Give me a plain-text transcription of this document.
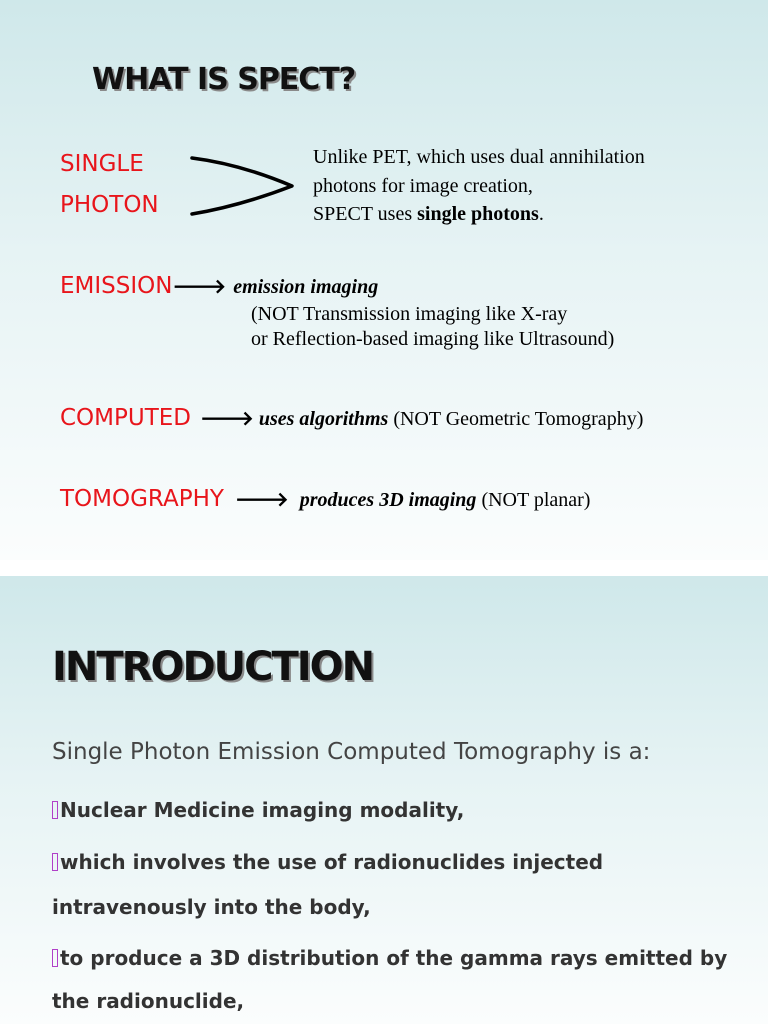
WHAT IS SPECT?
SINGLE
PHOTON
Unlike PET, which uses dual annihilation
photons for image creation,
SPECT uses single photons.
EMISSION🡒 emission imaging
(NOT Transmission imaging like X-ray
or Reflection-based imaging like Ultrasound)
COMPUTED 🡒 uses algorithms (NOT Geometric Tomography)
TOMOGRAPHY 🡒 produces 3D imaging (NOT planar)
INTRODUCTION
Single Photon Emission Computed Tomography is a:
Nuclear Medicine imaging modality,
which involves the use of radionuclides injected
intravenously into the body,
to produce a 3D distribution of the gamma rays emitted by
the radionuclide,
